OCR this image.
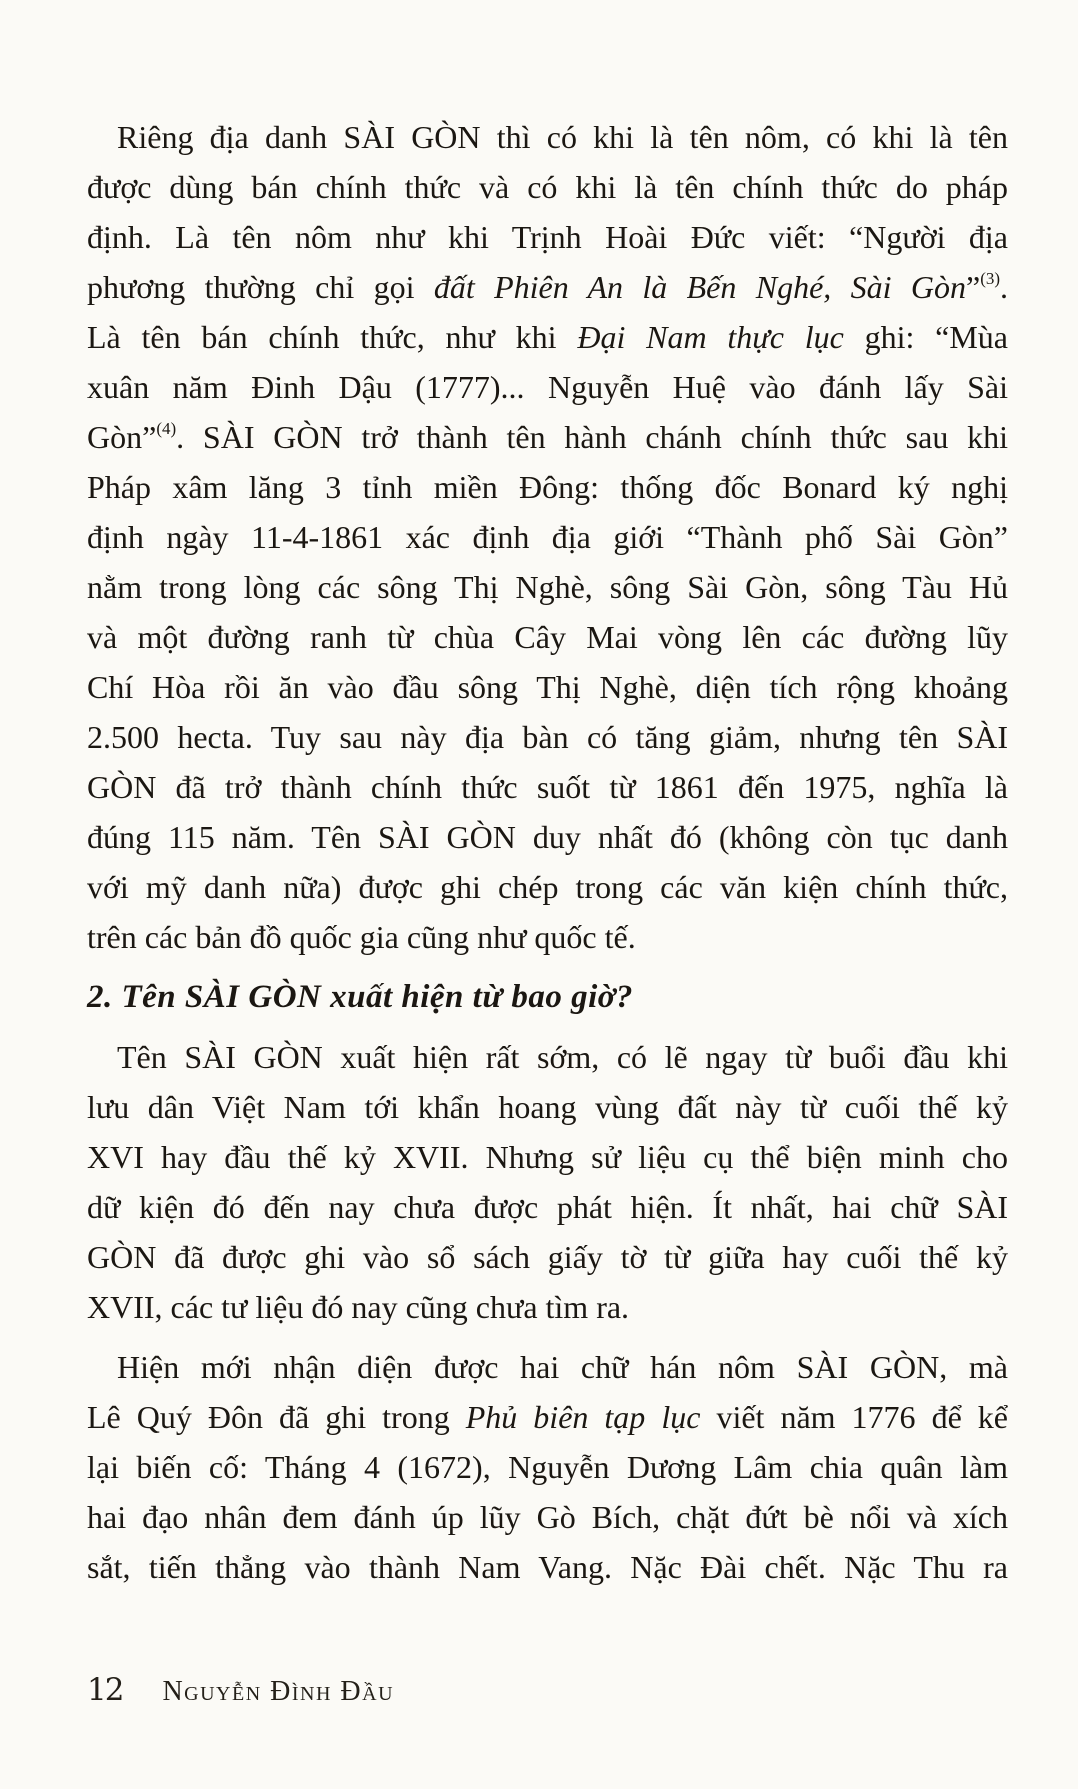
Riêng địa danh SÀI GÒN thì có khi là tên nôm, có khi là tên
được dùng bán chính thức và có khi là tên chính thức do pháp
định. Là tên nôm như khi Trịnh Hoài Đức viết: “Người địa
phương thường chỉ gọi đất Phiên An là Bến Nghé, Sài Gòn”$^{(3)}$.
Là tên bán chính thức, như khi Đại Nam thực lục ghi: “Mùa
xuân năm Đinh Dậu (1777)... Nguyễn Huệ vào đánh lấy Sài
Gòn”$^{(4)}$. SÀI GÒN trở thành tên hành chánh chính thức sau khi
Pháp xâm lăng 3 tỉnh miền Đông: thống đốc Bonard ký nghị
định ngày 11-4-1861 xác định địa giới “Thành phố Sài Gòn”
nằm trong lòng các sông Thị Nghè, sông Sài Gòn, sông Tàu Hủ
và một đường ranh từ chùa Cây Mai vòng lên các đường lũy
Chí Hòa rồi ăn vào đầu sông Thị Nghè, diện tích rộng khoảng
2.500 hecta. Tuy sau này địa bàn có tăng giảm, nhưng tên SÀI
GÒN đã trở thành chính thức suốt từ 1861 đến 1975, nghĩa là
đúng 115 năm. Tên SÀI GÒN duy nhất đó (không còn tục danh
với mỹ danh nữa) được ghi chép trong các văn kiện chính thức,
trên các bản đồ quốc gia cũng như quốc tế.
2. Tên SÀI GÒN xuất hiện từ bao giờ?
Tên SÀI GÒN xuất hiện rất sớm, có lẽ ngay từ buổi đầu khi
lưu dân Việt Nam tới khẩn hoang vùng đất này từ cuối thế kỷ
XVI hay đầu thế kỷ XVII. Nhưng sử liệu cụ thể biện minh cho
dữ kiện đó đến nay chưa được phát hiện. Ít nhất, hai chữ SÀI
GÒN đã được ghi vào sổ sách giấy tờ từ giữa hay cuối thế kỷ
XVII, các tư liệu đó nay cũng chưa tìm ra.
Hiện mới nhận diện được hai chữ hán nôm SÀI GÒN, mà
Lê Quý Đôn đã ghi trong Phủ biên tạp lục viết năm 1776 để kể
lại biến cố: Tháng 4 (1672), Nguyễn Dương Lâm chia quân làm
hai đạo nhân đem đánh úp lũy Gò Bích, chặt đứt bè nổi và xích
sắt, tiến thẳng vào thành Nam Vang. Nặc Đài chết. Nặc Thu ra
12 Nguyễn Đình Đầu
